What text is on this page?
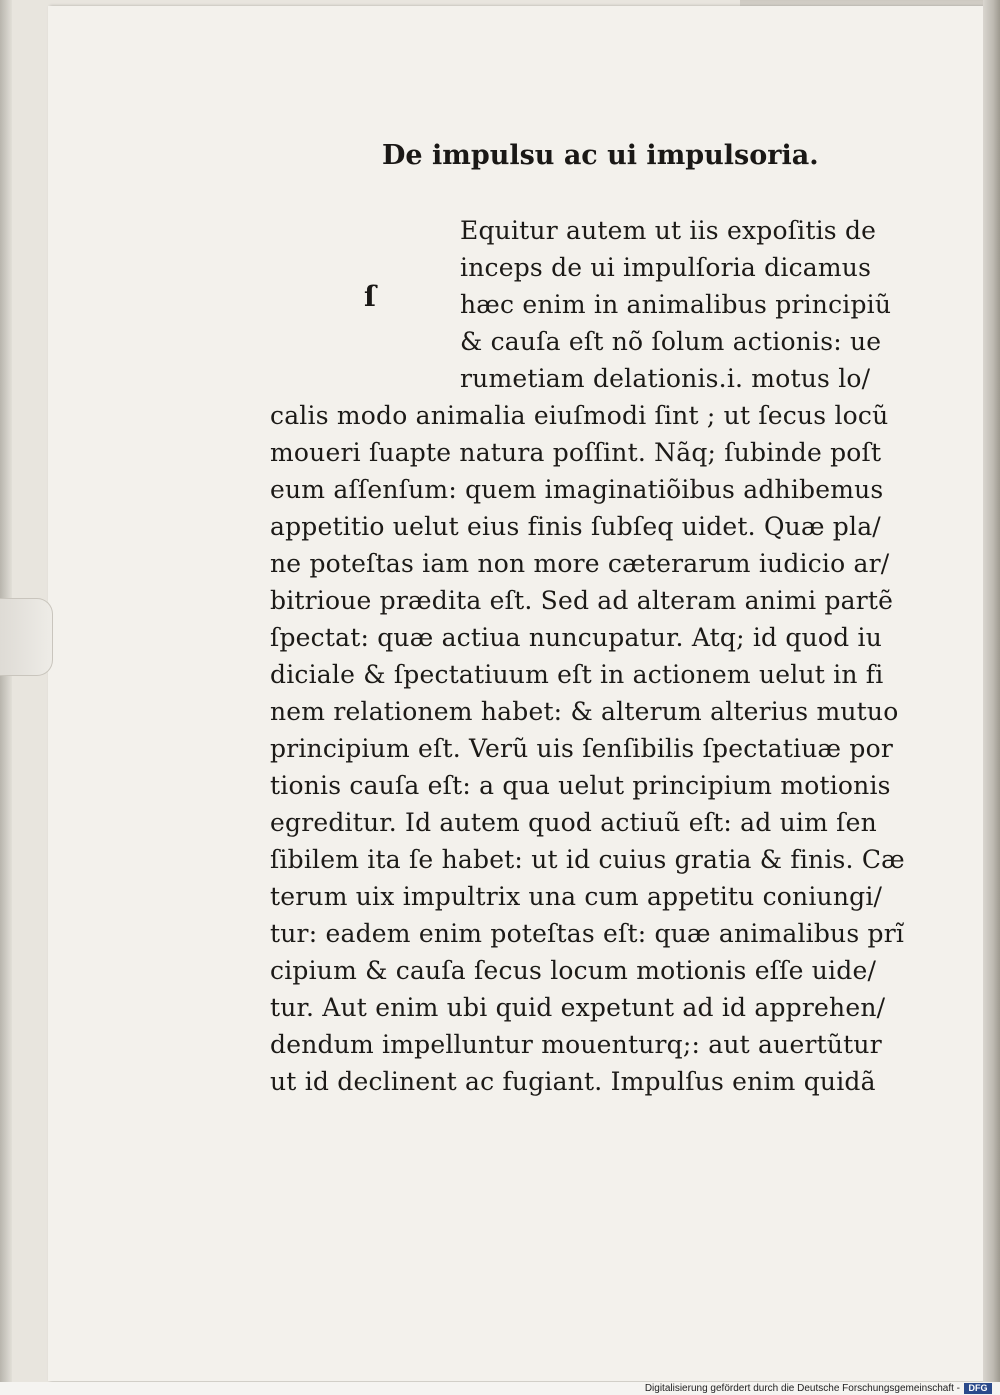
De impulsu ac ui impulsoria.
ſ
Equitur autem ut iis expoſitis de
inceps de ui impulſoria dicamus
hæc enim in animalibus principiũ
& cauſa eſt nõ ſolum actionis: ue
rumetiam delationis.i. motus lo/
calis modo animalia eiuſmodi ſint ; ut ſecus locũ
moueri ſuapte natura poſſint. Nãq; ſubinde poſt
eum aſſenſum: quem imaginatiõibus adhibemus
appetitio uelut eius finis ſubſeq uidet. Quæ pla/
ne poteſtas iam non more cæterarum iudicio ar/
bitrioue prædita eſt. Sed ad alteram animi partẽ
ſpectat: quæ actiua nuncupatur. Atq; id quod iu
diciale & ſpectatiuum eſt in actionem uelut in fi
nem relationem habet: & alterum alterius mutuo
principium eſt. Verũ uis ſenſibilis ſpectatiuæ por
tionis cauſa eſt: a qua uelut principium motionis
egreditur. Id autem quod actiuũ eſt: ad uim ſen
ſibilem ita ſe habet: ut id cuius gratia & finis. Cæ
terum uix impultrix una cum appetitu coniungi/
tur: eadem enim poteſtas eſt: quæ animalibus prĩ
cipium & cauſa ſecus locum motionis eſſe uide/
tur. Aut enim ubi quid expetunt ad id apprehen/
dendum impelluntur mouenturq;: aut auertũtur
ut id declinent ac fugiant. Impulſus enim quidã
Digitalisierung gefördert durch die Deutsche Forschungsgemeinschaft - DFG
